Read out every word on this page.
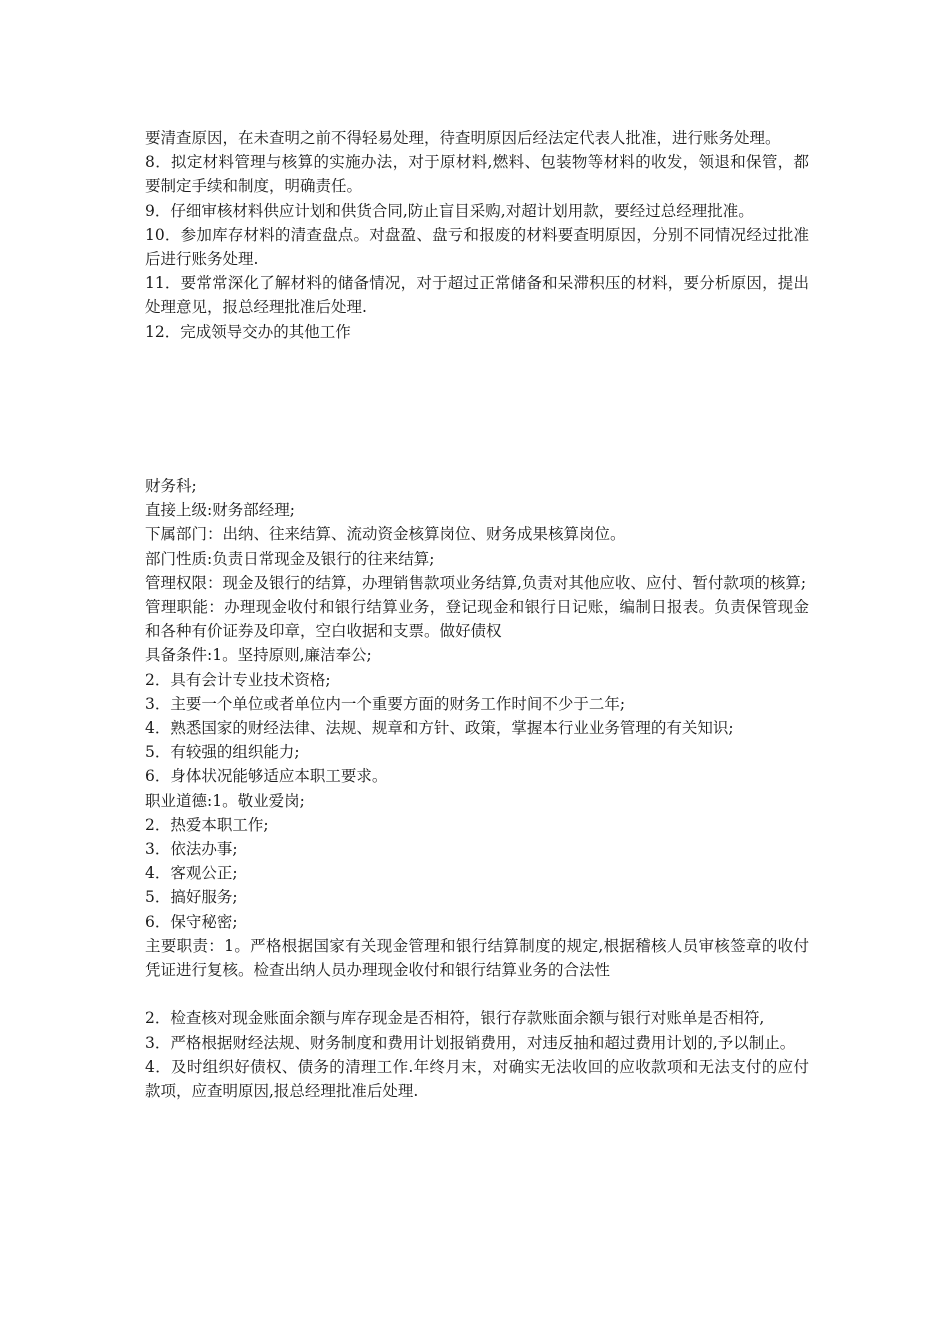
要清查原因，在未查明之前不得轻易处理，待查明原因后经法定代表人批准，进行账务处理。

8．拟定材料管理与核算的实施办法，对于原材料,燃料、包装物等材料的收发，领退和保管，都要制定手续和制度，明确责任。

9．仔细审核材料供应计划和供货合同,防止盲目采购,对超计划用款，要经过总经理批准。

10．参加库存材料的清查盘点。对盘盈、盘亏和报废的材料要查明原因，分别不同情况经过批准后进行账务处理.

11．要常常深化了解材料的储备情况，对于超过正常储备和呆滞积压的材料，要分析原因，提出处理意见，报总经理批准后处理.

12．完成领导交办的其他工作

财务科;

直接上级:财务部经理;

下属部门：出纳、往来结算、流动资金核算岗位、财务成果核算岗位。

部门性质:负责日常现金及银行的往来结算;

管理权限：现金及银行的结算，办理销售款项业务结算,负责对其他应收、应付、暂付款项的核算;

管理职能：办理现金收付和银行结算业务，登记现金和银行日记账，编制日报表。负责保管现金和各种有价证券及印章，空白收据和支票。做好债权

具备条件:1。坚持原则,廉洁奉公;

2．具有会计专业技术资格;

3．主要一个单位或者单位内一个重要方面的财务工作时间不少于二年;

4．熟悉国家的财经法律、法规、规章和方针、政策，掌握本行业业务管理的有关知识;

5．有较强的组织能力;

6．身体状况能够适应本职工要求。

职业道德:1。敬业爱岗;

2．热爱本职工作;

3．依法办事;

4．客观公正;

5．搞好服务;

6．保守秘密;

主要职责：1。严格根据国家有关现金管理和银行结算制度的规定,根据稽核人员审核签章的收付凭证进行复核。检查出纳人员办理现金收付和银行结算业务的合法性

2．检查核对现金账面余额与库存现金是否相符，银行存款账面余额与银行对账单是否相符,

3．严格根据财经法规、财务制度和费用计划报销费用，对违反抽和超过费用计划的,予以制止。

4．及时组织好债权、债务的清理工作.年终月末，对确实无法收回的应收款项和无法支付的应付款项，应查明原因,报总经理批准后处理.
